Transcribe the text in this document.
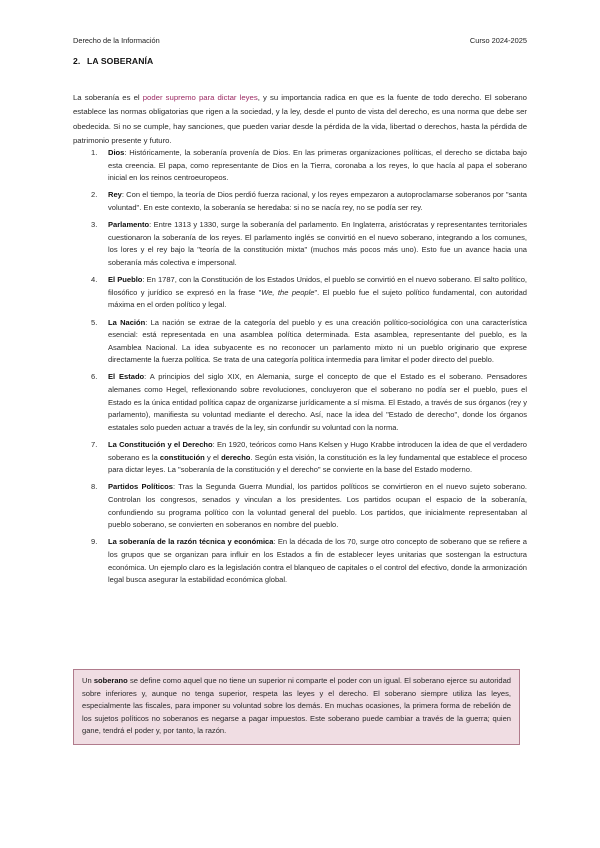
Derecho de la Información	Curso 2024-2025
2. LA SOBERANÍA

La soberanía es el poder supremo para dictar leyes, y su importancia radica en que es la fuente de todo derecho. El soberano establece las normas obligatorias que rigen a la sociedad, y la ley, desde el punto de vista del derecho, es una norma que debe ser obedecida. Si no se cumple, hay sanciones, que pueden variar desde la pérdida de la vida, libertad o derechos, hasta la pérdida de patrimonio presente y futuro.

1. Dios: Históricamente, la soberanía provenía de Dios. En las primeras organizaciones políticas, el derecho se dictaba bajo esta creencia. El papa, como representante de Dios en la Tierra, coronaba a los reyes, lo que hacía al papa el soberano inicial en los reinos centroeuropeos.
2. Rey: Con el tiempo, la teoría de Dios perdió fuerza racional, y los reyes empezaron a autoproclamarse soberanos por "santa voluntad". En este contexto, la soberanía se heredaba: si no se nacía rey, no se podía ser rey.
3. Parlamento: Entre 1313 y 1330, surge la soberanía del parlamento. En Inglaterra, aristócratas y representantes territoriales cuestionaron la soberanía de los reyes. El parlamento inglés se convirtió en el nuevo soberano, integrando a los comunes, los lores y el rey bajo la "teoría de la constitución mixta" (muchos más pocos más uno). Esto fue un avance hacia una soberanía más colectiva e impersonal.
4. El Pueblo: En 1787, con la Constitución de los Estados Unidos, el pueblo se convirtió en el nuevo soberano. El salto político, filosófico y jurídico se expresó en la frase "We, the people". El pueblo fue el sujeto político fundamental, con autoridad máxima en el orden político y legal.
5. La Nación: La nación se extrae de la categoría del pueblo y es una creación político-sociológica con una característica esencial: está representada en una asamblea política determinada. Esta asamblea, representante del pueblo, es la Asamblea Nacional. La idea subyacente es no reconocer un parlamento mixto ni un pueblo originario que exprese directamente la fuerza política. Se trata de una categoría política intermedia para limitar el poder directo del pueblo.
6. El Estado: A principios del siglo XIX, en Alemania, surge el concepto de que el Estado es el soberano. Pensadores alemanes como Hegel, reflexionando sobre revoluciones, concluyeron que el soberano no podía ser el pueblo, pues el Estado es la única entidad política capaz de organizarse jurídicamente a sí misma. El Estado, a través de sus órganos (rey y parlamento), manifiesta su voluntad mediante el derecho. Así, nace la idea del "Estado de derecho", donde los órganos estatales solo pueden actuar a través de la ley, sin confundir su voluntad con la norma.
7. La Constitución y el Derecho: En 1920, teóricos como Hans Kelsen y Hugo Krabbe introducen la idea de que el verdadero soberano es la constitución y el derecho. Según esta visión, la constitución es la ley fundamental que establece el proceso para dictar leyes. La "soberanía de la constitución y el derecho" se convierte en la base del Estado moderno.
8. Partidos Políticos: Tras la Segunda Guerra Mundial, los partidos políticos se convirtieron en el nuevo sujeto soberano. Controlan los congresos, senados y vinculan a los presidentes. Los partidos ocupan el espacio de la soberanía, confundiendo su programa político con la voluntad general del pueblo. Los partidos, que inicialmente representaban al pueblo soberano, se convierten en soberanos en nombre del pueblo.
9. La soberanía de la razón técnica y económica: En la década de los 70, surge otro concepto de soberano que se refiere a los grupos que se organizan para influir en los Estados a fin de establecer leyes unitarias que sostengan la estructura económica. Un ejemplo claro es la legislación contra el blanqueo de capitales o el control del efectivo, donde la armonización legal busca asegurar la estabilidad económica global.
Un soberano se define como aquel que no tiene un superior ni comparte el poder con un igual. El soberano ejerce su autoridad sobre inferiores y, aunque no tenga superior, respeta las leyes y el derecho. El soberano siempre utiliza las leyes, especialmente las fiscales, para imponer su voluntad sobre los demás. En muchas ocasiones, la primera forma de rebelión de los sujetos políticos no soberanos es negarse a pagar impuestos. Este soberano puede cambiar a través de la guerra; quien gane, tendrá el poder y, por tanto, la razón.
